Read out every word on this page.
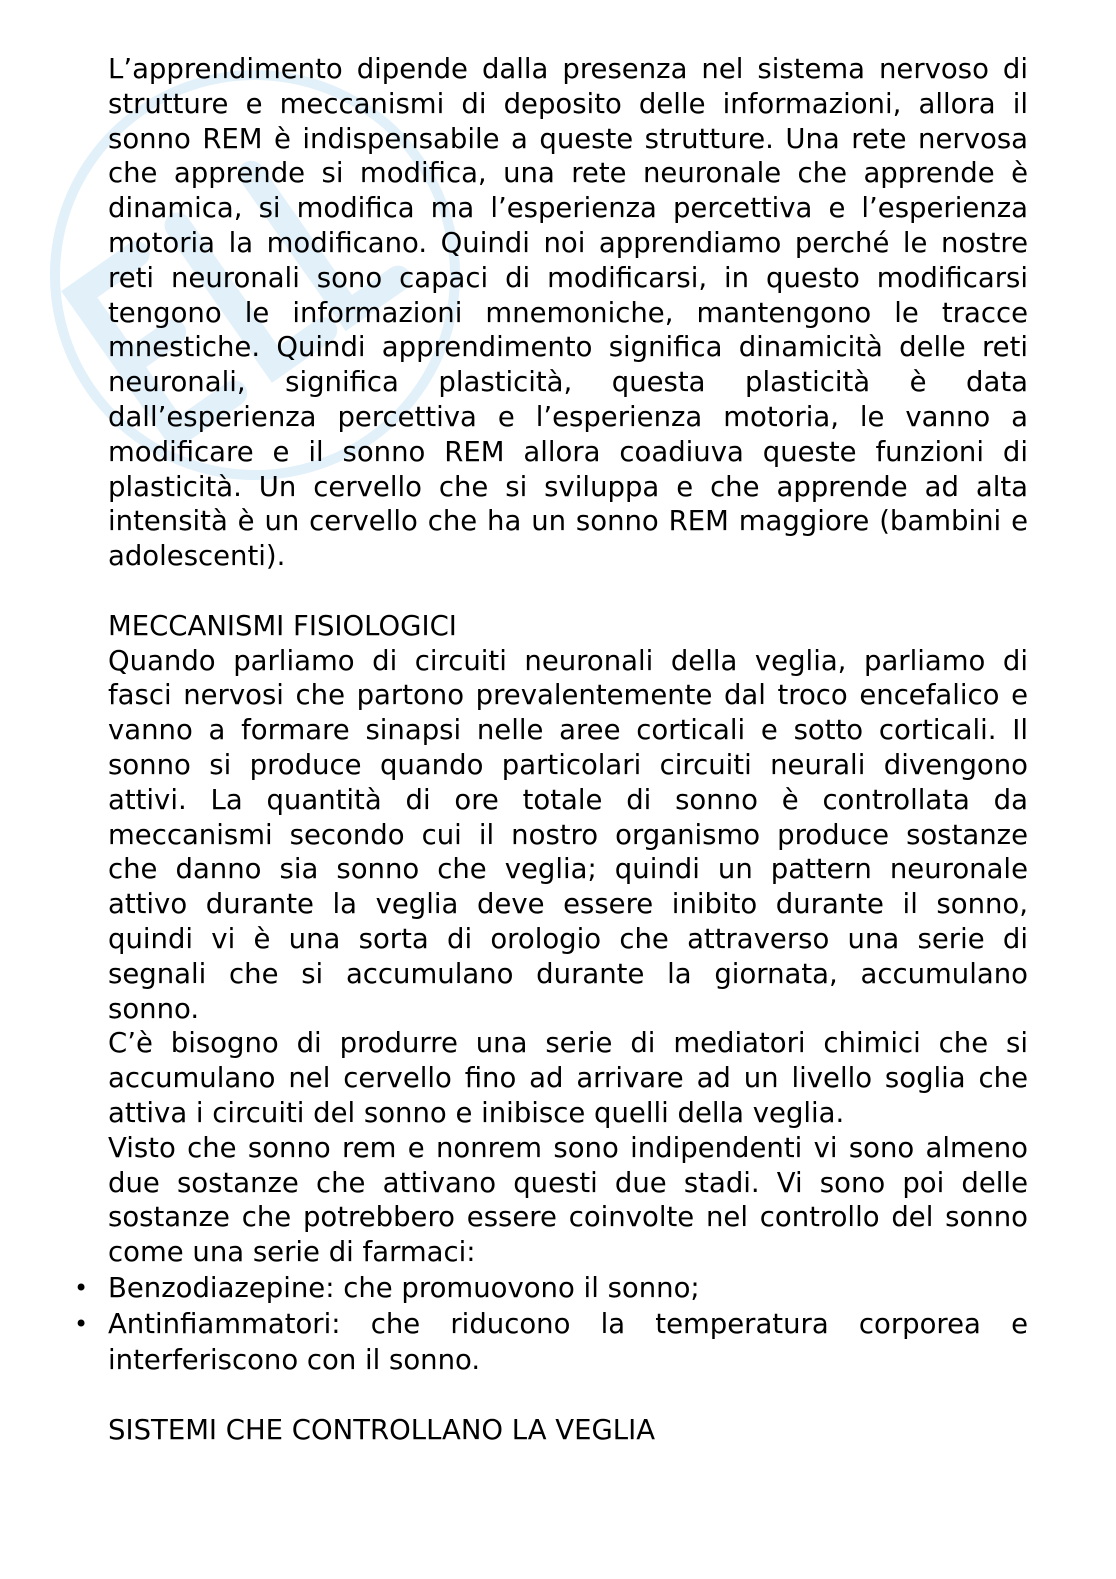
L’apprendimento dipende dalla presenza nel sistema nervoso di strutture e meccanismi di deposito delle informazioni, allora il sonno REM è indispensabile a queste strutture. Una rete nervosa che apprende si modifica, una rete neuronale che apprende è dinamica, si modifica ma l’esperienza percettiva e l’esperienza motoria la modificano. Quindi noi apprendiamo perché le nostre reti neuronali sono capaci di modificarsi, in questo modificarsi tengono le informazioni mnemoniche, mantengono le tracce mnestiche. Quindi apprendimento significa dinamicità delle reti neuronali, significa plasticità, questa plasticità è data dall’esperienza percettiva e l’esperienza motoria, le vanno a modificare e il sonno REM allora coadiuva queste funzioni di plasticità. Un cervello che si sviluppa e che apprende ad alta intensità è un cervello che ha un sonno REM maggiore (bambini e adolescenti).

MECCANISMI FISIOLOGICI

Quando parliamo di circuiti neuronali della veglia, parliamo di fasci nervosi che partono prevalentemente dal troco encefalico e vanno a formare sinapsi nelle aree corticali e sotto corticali. Il sonno si produce quando particolari circuiti neurali divengono attivi. La quantità di ore totale di sonno è controllata da meccanismi secondo cui il nostro organismo produce sostanze che danno sia sonno che veglia; quindi un pattern neuronale attivo durante la veglia deve essere inibito durante il sonno, quindi vi è una sorta di orologio che attraverso una serie di segnali che si accumulano durante la giornata, accumulano sonno.

C’è bisogno di produrre una serie di mediatori chimici che si accumulano nel cervello fino ad arrivare ad un livello soglia che attiva i circuiti del sonno e inibisce quelli della veglia.

Visto che sonno rem e nonrem sono indipendenti vi sono almeno due sostanze che attivano questi due stadi. Vi sono poi delle sostanze che potrebbero essere coinvolte nel controllo del sonno come una serie di farmaci:

• Benzodiazepine: che promuovono il sonno;
• Antinfiammatori: che riducono la temperatura corporea e interferiscono con il sonno.

SISTEMI CHE CONTROLLANO LA VEGLIA
